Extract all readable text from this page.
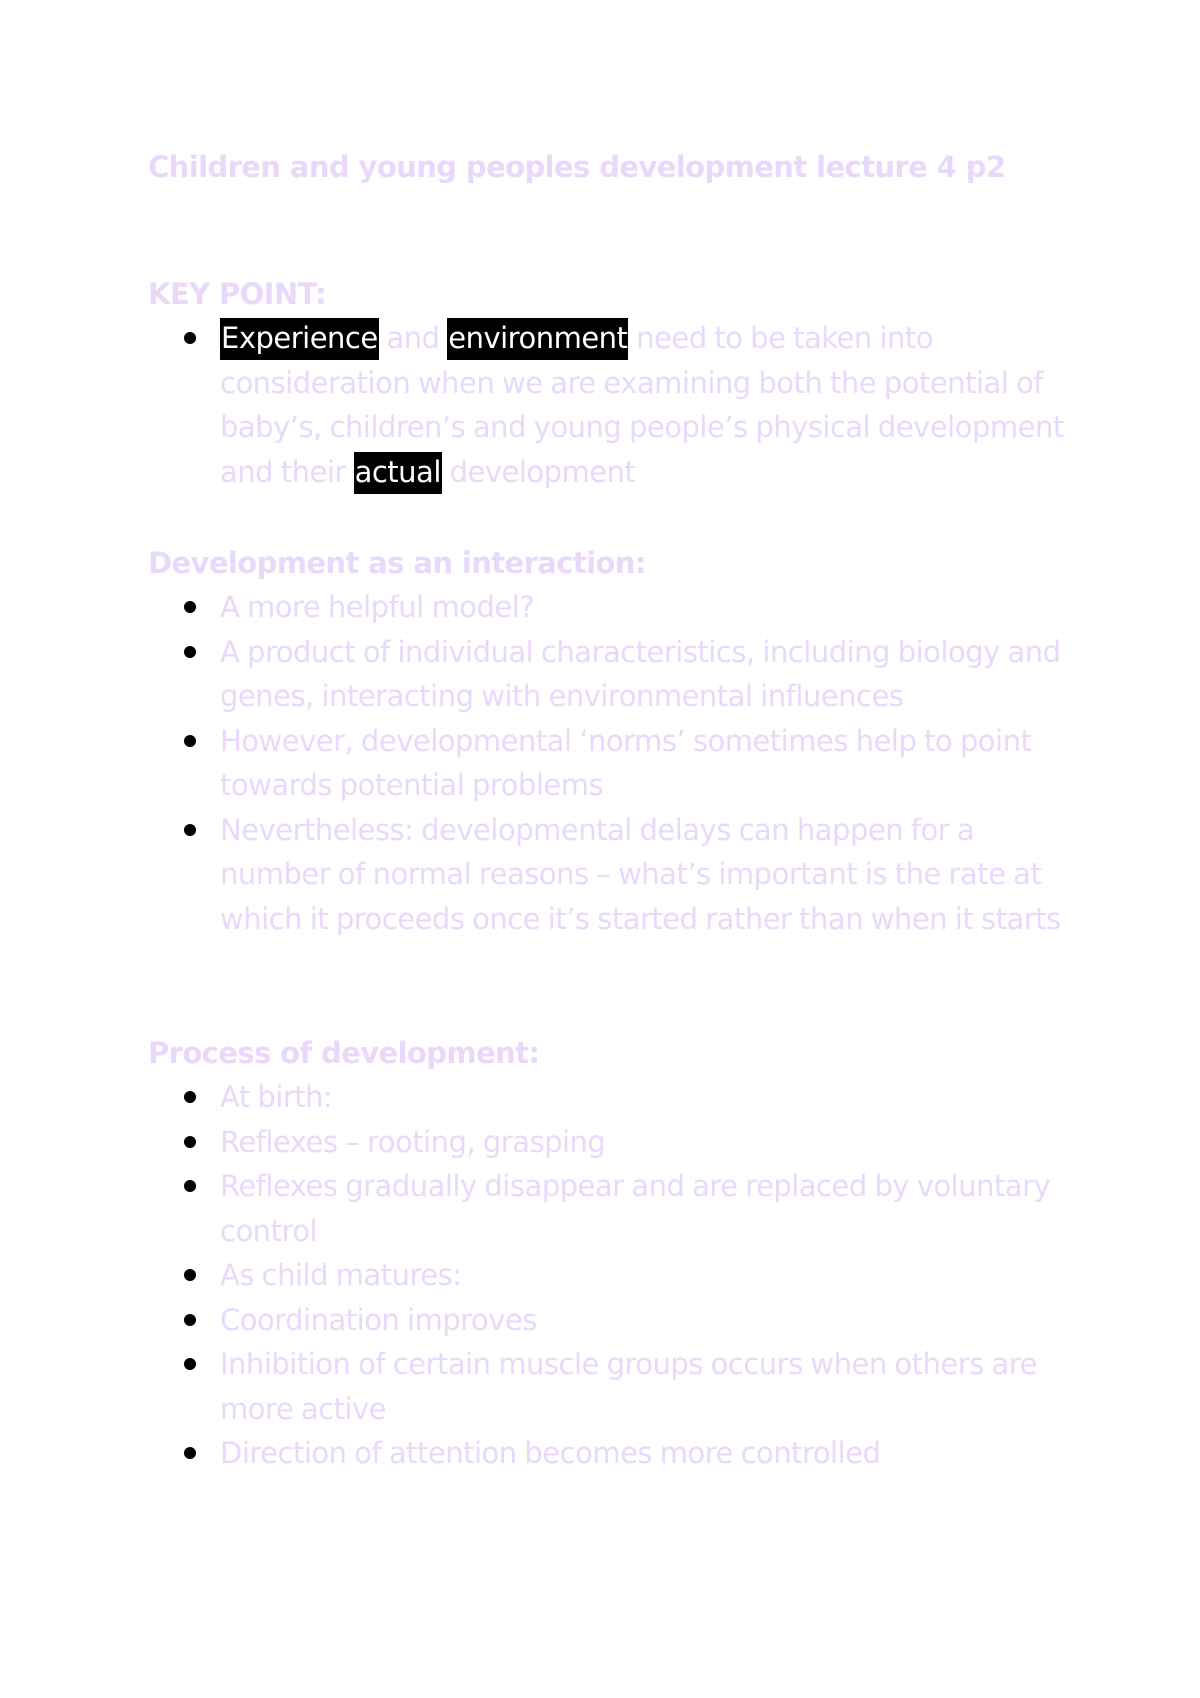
Children and young peoples development lecture 4 p2
KEY POINT:
Experience and environment need to be taken into consideration when we are examining both the potential of baby’s, children’s and young people’s physical development and their actual development
Development as an interaction:
A more helpful model?
A product of individual characteristics, including biology and genes, interacting with environmental influences
However, developmental ‘norms’ sometimes help to point towards potential problems
Nevertheless: developmental delays can happen for a number of normal reasons – what’s important is the rate at which it proceeds once it’s started rather than when it starts
Process of development:
At birth:
Reflexes – rooting, grasping
Reflexes gradually disappear and are replaced by voluntary control
As child matures:
Coordination improves
Inhibition of certain muscle groups occurs when others are more active
Direction of attention becomes more controlled
